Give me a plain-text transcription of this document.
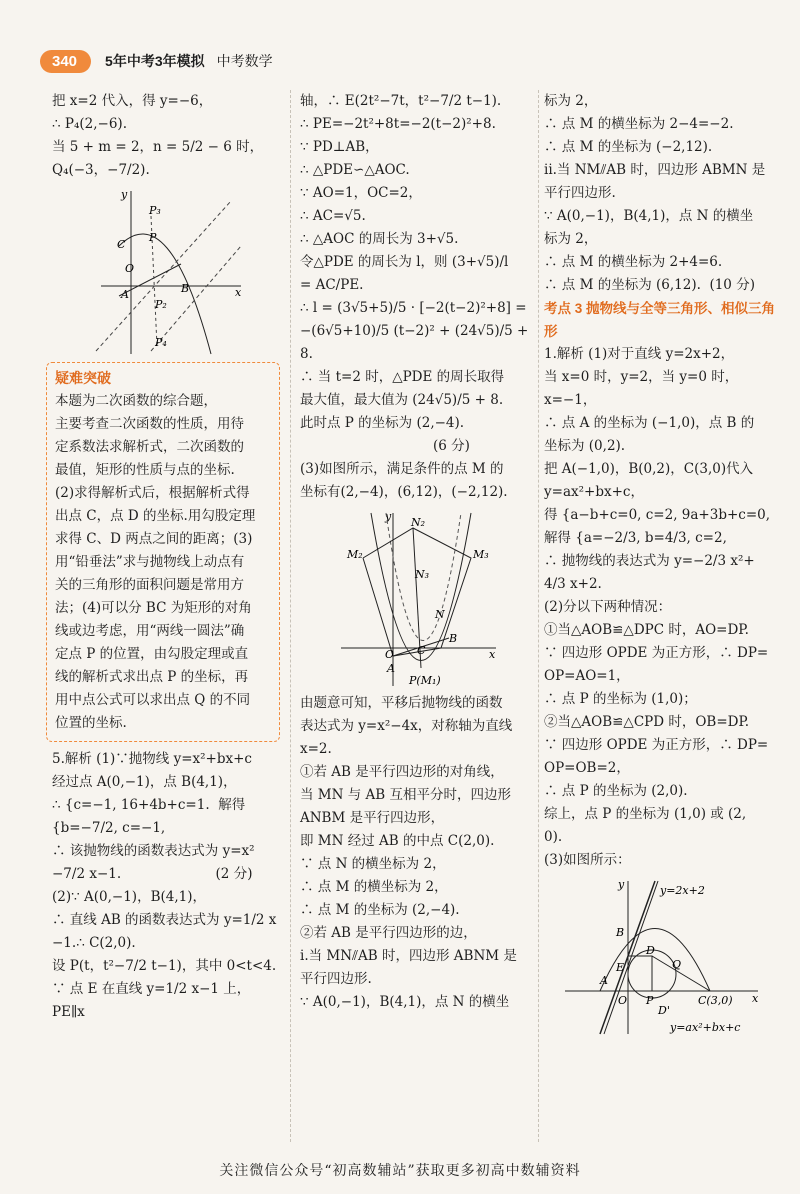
340	5年中考3年模拟 中考数学
把 x=2 代入，得 y=−6，
∴ P₄(2,−6).
当 5 + m = 2，n = 5/2 − 6 时，
Q₄(−3，−7/2).
x
y
P₃
P
C
O
A	B
P₂
P₄
疑难突破
本题为二次函数的综合题，
主要考查二次函数的性质，用待
定系数法求解析式，二次函数的
最值，矩形的性质与点的坐标.
(2)求得解析式后，根据解析式得
出点 C，点 D 的坐标.用勾股定理
求得 C、D 两点之间的距离；(3)
用“铅垂法”求与抛物线上动点有
关的三角形的面积问题是常用方
法；(4)可以分 BC 为矩形的对角
线或边考虑，用“两线一圆法”确
定点 P 的位置，由勾股定理或直
线的解析式求出点 P 的坐标，再
用中点公式可以求出点 Q 的不同
位置的坐标.
5.解析 (1)∵抛物线 y=x²+bx+c
经过点 A(0,−1)，点 B(4,1)，
∴ {c=−1, 16+4b+c=1.  解得 {b=−7/2, c=−1,
∴ 该抛物线的函数表达式为 y=x²
−7/2 x−1.                      (2 分)
(2)∵ A(0,−1)，B(4,1)，
∴ 直线 AB 的函数表达式为 y=1/2 x
−1.∴ C(2,0).
设 P(t，t²−7/2 t−1)，其中 0<t<4.
∵ 点 E 在直线 y=1/2 x−1 上，PE∥x
轴，∴ E(2t²−7t，t²−7/2 t−1).
∴ PE=−2t²+8t=−2(t−2)²+8.
∵ PD⊥AB，
∴ △PDE∽△AOC.
∵ AO=1，OC=2，
∴ AC=√5.
∴ △AOC 的周长为 3+√5.
令△PDE 的周长为 l，则 (3+√5)/l
= AC/PE.
∴ l = (3√5+5)/5 · [−2(t−2)²+8] =
−(6√5+10)/5 (t−2)² + (24√5)/5 + 8.
∴ 当 t=2 时，△PDE 的周长取得
最大值，最大值为 (24√5)/5 + 8.
此时点 P 的坐标为 (2,−4).
(6 分)
(3)如图所示，满足条件的点 M 的
坐标有(2,−4)，(6,12)，(−2,12).
x
y N₂
M₂	M₃
N₃
N
O
A
C
B
P(M₁)
由题意可知，平移后抛物线的函数
表达式为 y=x²−4x，对称轴为直线
x=2.
①若 AB 是平行四边形的对角线，
当 MN 与 AB 互相平分时，四边形
ANBM 是平行四边形，
即 MN 经过 AB 的中点 C(2,0).
∵ 点 N 的横坐标为 2，
∴ 点 M 的横坐标为 2，
∴ 点 M 的坐标为 (2,−4).
②若 AB 是平行四边形的边，
i.当 MN⫽AB 时，四边形 ABNM 是
平行四边形.
∵ A(0,−1)，B(4,1)，点 N 的横坐
标为 2，
∴ 点 M 的横坐标为 2−4=−2.
∴ 点 M 的坐标为 (−2,12).
ii.当 NM⫽AB 时，四边形 ABMN 是
平行四边形.
∵ A(0,−1)，B(4,1)，点 N 的横坐
标为 2，
∴ 点 M 的横坐标为 2+4=6.
∴ 点 M 的坐标为 (6,12).  (10 分)
考点 3 抛物线与全等三角形、相似三角形
1.解析 (1)对于直线 y=2x+2，
当 x=0 时，y=2，当 y=0 时，x=−1，
∴ 点 A 的坐标为 (−1,0)，点 B 的
坐标为 (0,2).
把 A(−1,0)，B(0,2)，C(3,0)代入
y=ax²+bx+c，
得 {a−b+c=0, c=2, 9a+3b+c=0,  解得 {a=−2/3, b=4/3, c=2,
∴ 抛物线的表达式为 y=−2/3 x²+
4/3 x+2.
(2)分以下两种情况：
①当△AOB≌△DPC 时，AO=DP.
∵ 四边形 OPDE 为正方形，∴ DP=
OP=AO=1，
∴ 点 P 的坐标为 (1,0)；
②当△AOB≌△CPD 时，OB=DP.
∵ 四边形 OPDE 为正方形，∴ DP=
OP=OB=2，
∴ 点 P 的坐标为 (2,0).
综上，点 P 的坐标为 (1,0) 或 (2,
0).
(3)如图所示：
x
y	y=2x+2
B
E
D
Q
A
O P
D'
C(3,0)
y=ax²+bx+c
关注微信公众号“初高数辅站”获取更多初高中数辅资料
